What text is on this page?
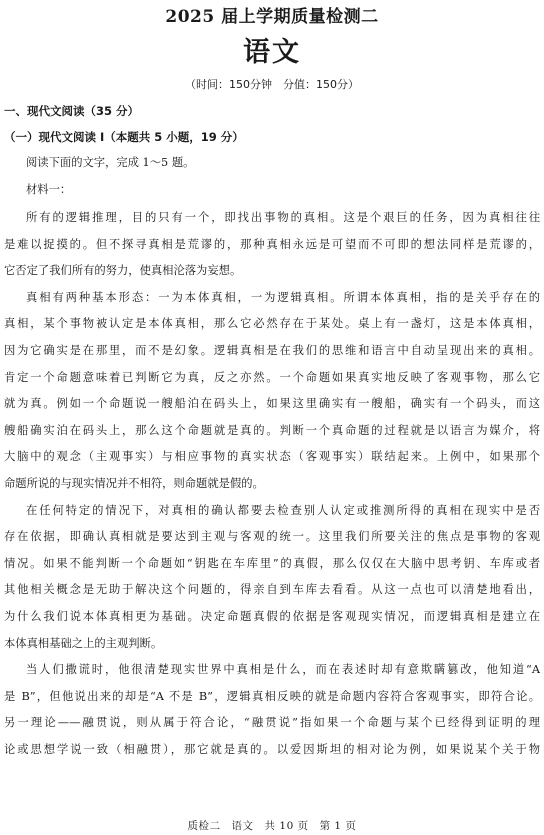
2025 届上学期质量检测二
语文
（时间：150分钟　分值：150分）
一、现代文阅读（35 分）
（一）现代文阅读 I（本题共 5 小题，19 分）
阅读下面的文字，完成 1～5 题。
材料一：
所有的逻辑推理，目的只有一个，即找出事物的真相。这是个艰巨的任务，因为真相往往
是难以捉摸的。但不探寻真相是荒谬的，那种真相永远是可望而不可即的想法同样是荒谬的，
它否定了我们所有的努力，使真相沦落为妄想。
真相有两种基本形态：一为本体真相，一为逻辑真相。所谓本体真相，指的是关乎存在的
真相，某个事物被认定是本体真相，那么它必然存在于某处。桌上有一盏灯，这是本体真相，
因为它确实是在那里，而不是幻象。逻辑真相是在我们的思维和语言中自动呈现出来的真相。
肯定一个命题意味着已判断它为真，反之亦然。一个命题如果真实地反映了客观事物，那么它
就为真。例如一个命题说一艘船泊在码头上，如果这里确实有一艘船，确实有一个码头，而这
艘船确实泊在码头上，那么这个命题就是真的。判断一个真命题的过程就是以语言为媒介，将
大脑中的观念（主观事实）与相应事物的真实状态（客观事实）联结起来。上例中，如果那个
命题所说的与现实情况并不相符，则命题就是假的。
在任何特定的情况下，对真相的确认都要去检查别人认定或推测所得的真相在现实中是否
存在依据，即确认真相就是要达到主观与客观的统一。这里我们所要关注的焦点是事物的客观
情况。如果不能判断一个命题如“钥匙在车库里”的真假，那么仅仅在大脑中思考钥、车库或者
其他相关概念是无助于解决这个问题的，得亲自到车库去看看。从这一点也可以清楚地看出，
为什么我们说本体真相更为基础。决定命题真假的依据是客观现实情况，而逻辑真相是建立在
本体真相基础之上的主观判断。
当人们撒谎时，他很清楚现实世界中真相是什么，而在表述时却有意欺瞒篡改，他知道“A
是 B”，但他说出来的却是“A 不是 B”，逻辑真相反映的就是命题内容符合客观事实，即符合论。
另一理论——融贯说，则从属于符合论，“融贯说”指如果一个命题与某个已经得到证明的理
论或思想学说一致（相融贯），那它就是真的。以爱因斯坦的相对论为例，如果说某个关于物
质检二　语文　共 10 页　第 1 页
